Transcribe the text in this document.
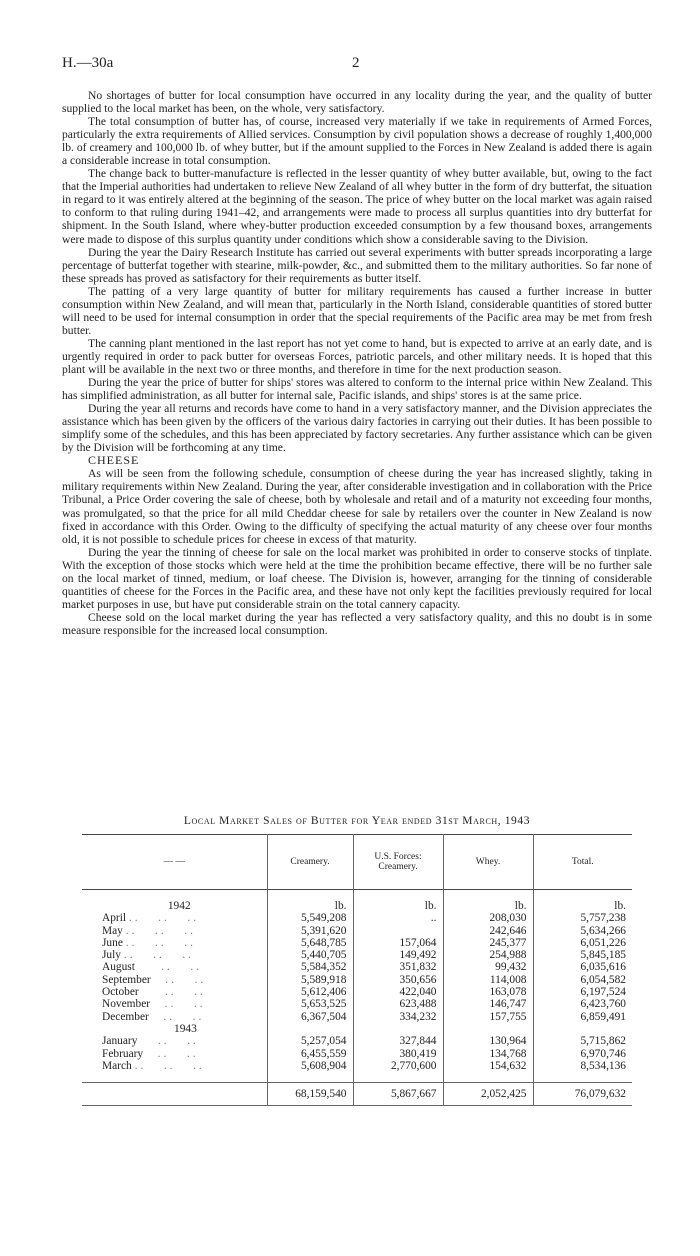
H.—30a	2

No shortages of butter for local consumption have occurred in any locality during the year, and the quality of butter supplied to the local market has been, on the whole, very satisfactory.

The total consumption of butter has, of course, increased very materially if we take in requirements of Armed Forces, particularly the extra requirements of Allied services. Consumption by civil population shows a decrease of roughly 1,400,000 lb. of creamery and 100,000 lb. of whey butter, but if the amount supplied to the Forces in New Zealand is added there is again a considerable increase in total consumption.

The change back to butter-manufacture is reflected in the lesser quantity of whey butter available, but, owing to the fact that the Imperial authorities had undertaken to relieve New Zealand of all whey butter in the form of dry butterfat, the situation in regard to it was entirely altered at the beginning of the season. The price of whey butter on the local market was again raised to conform to that ruling during 1941–42, and arrangements were made to process all surplus quantities into dry butterfat for shipment. In the South Island, where whey-butter production exceeded consumption by a few thousand boxes, arrangements were made to dispose of this surplus quantity under conditions which show a considerable saving to the Division.

During the year the Dairy Research Institute has carried out several experiments with butter spreads incorporating a large percentage of butterfat together with stearine, milk-powder, &c., and submitted them to the military authorities. So far none of these spreads has proved as satisfactory for their requirements as butter itself.

The patting of a very large quantity of butter for military requirements has caused a further increase in butter consumption within New Zealand, and will mean that, particularly in the North Island, considerable quantities of stored butter will need to be used for internal consumption in order that the special requirements of the Pacific area may be met from fresh butter.

The canning plant mentioned in the last report has not yet come to hand, but is expected to arrive at an early date, and is urgently required in order to pack butter for overseas Forces, patriotic parcels, and other military needs. It is hoped that this plant will be available in the next two or three months, and therefore in time for the next production season.

During the year the price of butter for ships' stores was altered to conform to the internal price within New Zealand. This has simplified administration, as all butter for internal sale, Pacific islands, and ships' stores is at the same price.

During the year all returns and records have come to hand in a very satisfactory manner, and the Division appreciates the assistance which has been given by the officers of the various dairy factories in carrying out their duties. It has been possible to simplify some of the schedules, and this has been appreciated by factory secretaries. Any further assistance which can be given by the Division will be forthcoming at any time.

CHEESE

As will be seen from the following schedule, consumption of cheese during the year has increased slightly, taking in military requirements within New Zealand. During the year, after considerable investigation and in collaboration with the Price Tribunal, a Price Order covering the sale of cheese, both by wholesale and retail and of a maturity not exceeding four months, was promulgated, so that the price for all mild Cheddar cheese for sale by retailers over the counter in New Zealand is now fixed in accordance with this Order. Owing to the difficulty of specifying the actual maturity of any cheese over four months old, it is not possible to schedule prices for cheese in excess of that maturity.

During the year the tinning of cheese for sale on the local market was prohibited in order to conserve stocks of tinplate. With the exception of those stocks which were held at the time the prohibition became effective, there will be no further sale on the local market of tinned, medium, or loaf cheese. The Division is, however, arranging for the tinning of considerable quantities of cheese for the Forces in the Pacific area, and these have not only kept the facilities previously required for local market purposes in use, but have put considerable strain on the total cannery capacity.

Cheese sold on the local market during the year has reflected a very satisfactory quality, and this no doubt is in some measure responsible for the increased local consumption.

Local Market Sales of Butter for Year ended 31st March, 1943
— —	Creamery.	U.S. Forces: Creamery.	Whey.	Total.

1942	lb.	lb.	lb.	lb.
April ..   ..   ..	5,549,208	..	208,030	5,757,238
May ..   ..   ..	5,391,620		242,646	5,634,266
June ..   ..   ..	5,648,785	157,064	245,377	6,051,226
July ..   ..   ..	5,440,705	149,492	254,988	5,845,185
August     ..   ..	5,584,352	351,832	99,432	6,035,616
September   ..   ..	5,589,918	350,656	114,008	6,054,582
October     ..   ..	5,612,406	422,040	163,078	6,197,524
November   ..   ..	5,653,525	623,488	146,747	6,423,760
December   ..   ..	6,367,504	334,232	157,755	6,859,491
1943				
January    ..   ..	5,257,054	327,844	130,964	5,715,862
February   ..   ..	6,455,559	380,419	134,768	6,970,746
March ..   ..   ..	5,608,904	2,770,600	154,632	8,534,136

	68,159,540	5,867,667	2,052,425	76,079,632
